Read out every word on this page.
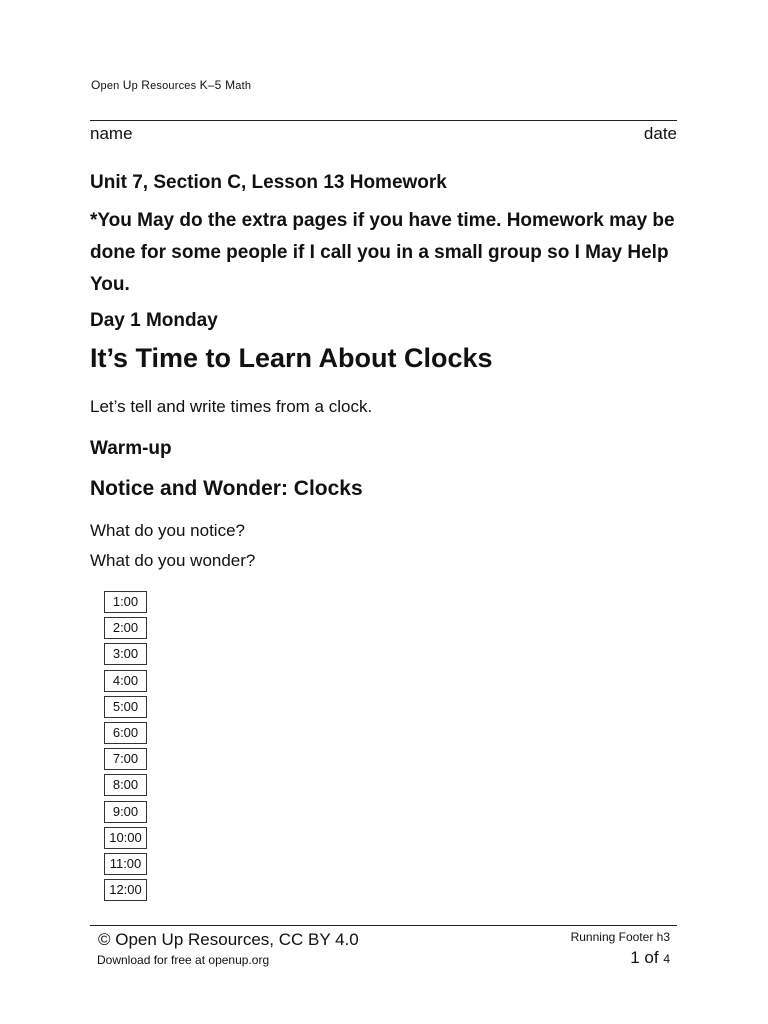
Open Up Resources K–5 Math
name	date
Unit 7, Section C, Lesson 13 Homework
*You May do the extra pages if you have time. Homework may be done for some people if I call you in a small group so I May Help You.
Day 1 Monday
It’s Time to Learn About Clocks
Let’s tell and write times from a clock.
Warm-up
Notice and Wonder: Clocks
What do you notice?
What do you wonder?
1:00
2:00
3:00
4:00
5:00
6:00
7:00
8:00
9:00
10:00
11:00
12:00
© Open Up Resources, CC BY 4.0
Download for free at openup.org
Running Footer h3
1 of 4
